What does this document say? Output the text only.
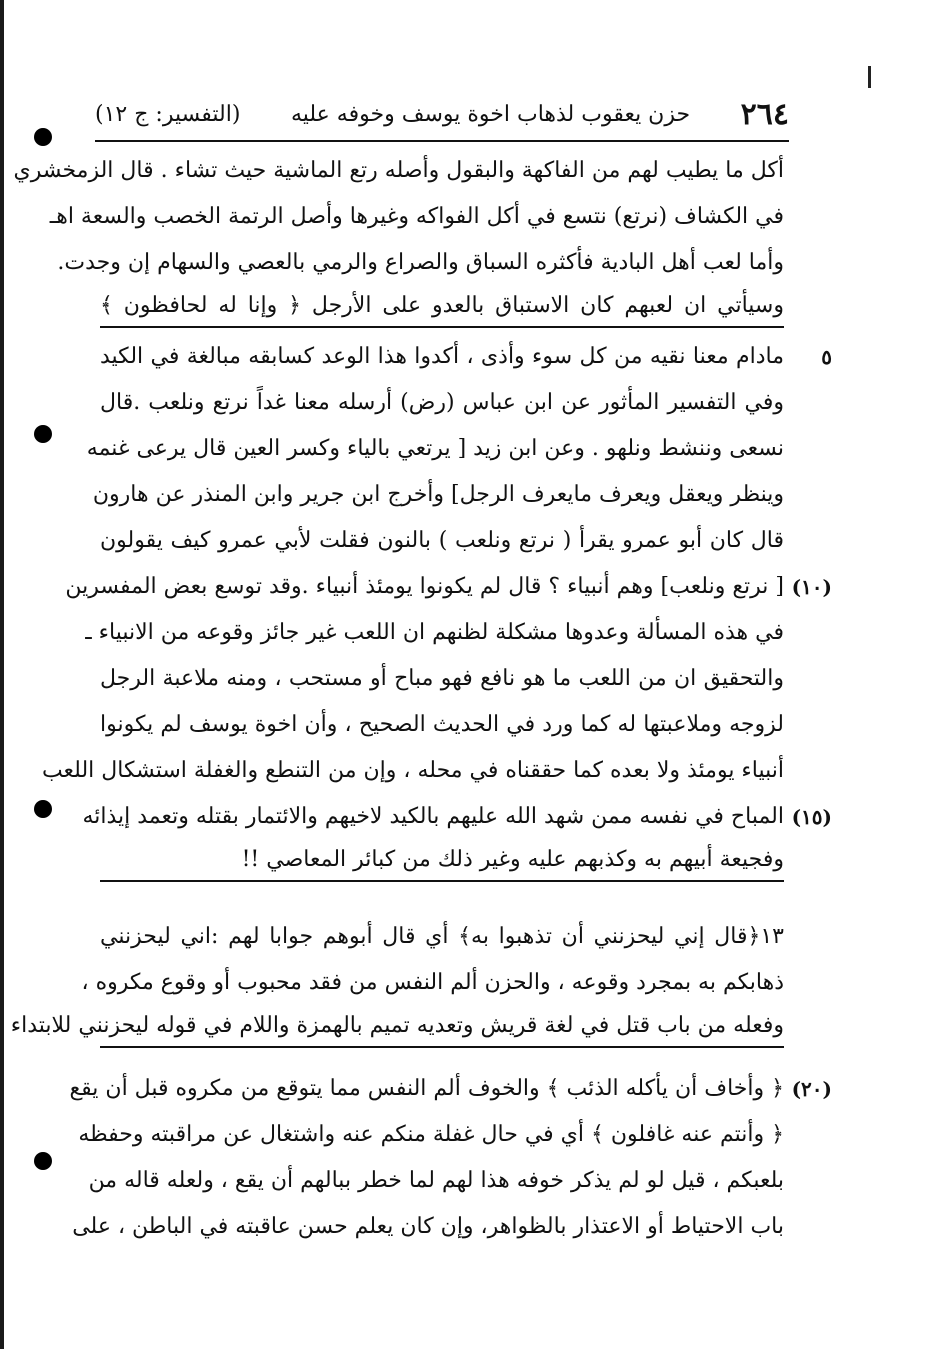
٢٦٤
حزن يعقوب لذهاب اخوة يوسف وخوفه عليه
(التفسير: ج ١٢)
أكل ما يطيب لهم من الفاكهة والبقول وأصله رتع الماشية حيث تشاء . قال الزمخشري
في الكشاف (نرتع) نتسع في أكل الفواكه وغيرها وأصل الرتمة الخصب والسعة اهـ
وأما لعب أهل البادية فأكثره السباق والصراع والرمي بالعصي والسهام إن وجدت.
وسيأتي ان لعبهم كان الاستباق بالعدو على الأرجل ﴿ وإنا له لحافظون ﴾
٥
مادام معنا نقيه من كل سوء وأذى ، أكدوا هذا الوعد كسابقه مبالغة في الكيد
وفي التفسير المأثور عن ابن عباس (رض) أرسله معنا غداً نرتع ونلعب .قال
نسعى وننشط ونلهو . وعن ابن زيد [ يرتعي بالياء وكسر العين قال يرعى غنمه
وينظر ويعقل ويعرف مايعرف الرجل] وأخرج ابن جرير وابن المنذر عن هارون
قال كان أبو عمرو يقرأ ( نرتع ونلعب ) بالنون فقلت لأبي عمرو كيف يقولون
(١٠)
[ نرتع ونلعب] وهم أنبياء ؟ قال لم يكونوا يومئذ أنبياء .وقد توسع بعض المفسرين
في هذه المسألة وعدوها مشكلة لظنهم ان اللعب غير جائز وقوعه من الانبياء ـ
والتحقيق ان من اللعب ما هو نافع فهو مباح أو مستحب ، ومنه ملاعبة الرجل
لزوجه وملاعبتها له كما ورد في الحديث الصحيح ، وأن اخوة يوسف لم يكونوا
أنبياء يومئذ ولا بعده كما حققناه في محله ، وإن من التنطع والغفلة استشكال اللعب
(١٥)
المباح في نفسه ممن شهد الله عليهم بالكيد لاخيهم والائتمار بقتله وتعمد إيذائه
وفجيعة أبيهم به وكذبهم عليه وغير ذلك من كبائر المعاصي !!
١٣﴿قال إني ليحزنني أن تذهبوا به﴾ أي قال أبوهم جوابا لهم :اني ليحزنني
ذهابكم به بمجرد وقوعه ، والحزن ألم النفس من فقد محبوب أو وقوع مكروه ،
وفعله من باب قتل في لغة قريش وتعديه تميم بالهمزة واللام في قوله ليحزنني للابتداء
(٢٠)
﴿ وأخاف أن يأكله الذئب ﴾ والخوف ألم النفس مما يتوقع من مكروه قبل أن يقع
﴿ وأنتم عنه غافلون ﴾ أي في حال غفلة منكم عنه واشتغال عن مراقبته وحفظه
بلعبكم ، قيل لو لم يذكر خوفه هذا لهم لما خطر ببالهم أن يقع ، ولعله قاله من
باب الاحتياط أو الاعتذار بالظواهر، وإن كان يعلم حسن عاقبته في الباطن ، على
